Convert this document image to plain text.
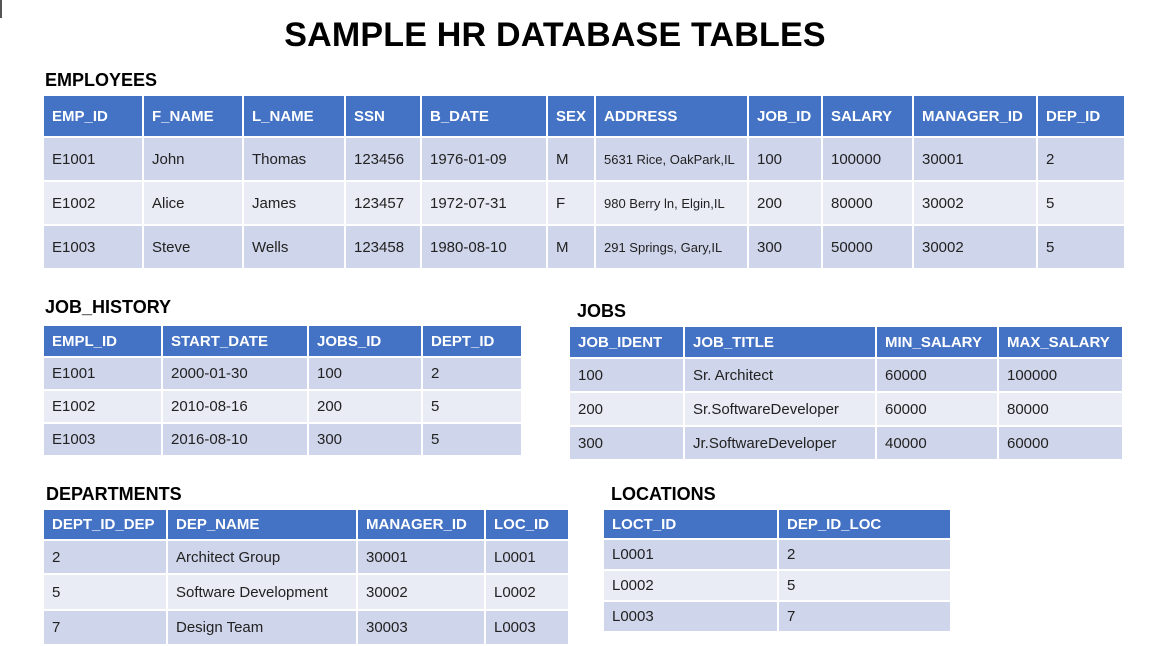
SAMPLE HR DATABASE TABLES
EMPLOYEES
EMP_ID	F_NAME	L_NAME	SSN	B_DATE	SEX	ADDRESS	JOB_ID	SALARY	MANAGER_ID	DEP_ID
E1001	John	Thomas	123456	1976-01-09	M	5631 Rice, OakPark,IL	100	100000	30001	2
E1002	Alice	James	123457	1972-07-31	F	980 Berry ln, Elgin,IL	200	80000	30002	5
E1003	Steve	Wells	123458	1980-08-10	M	291 Springs, Gary,IL	300	50000	30002	5
JOB_HISTORY
EMPL_ID	START_DATE	JOBS_ID	DEPT_ID
E1001	2000-01-30	100	2
E1002	2010-08-16	200	5
E1003	2016-08-10	300	5
JOBS
JOB_IDENT	JOB_TITLE	MIN_SALARY	MAX_SALARY
100	Sr. Architect	60000	100000
200	Sr.SoftwareDeveloper	60000	80000
300	Jr.SoftwareDeveloper	40000	60000
DEPARTMENTS
DEPT_ID_DEP	DEP_NAME	MANAGER_ID	LOC_ID
2	Architect Group	30001	L0001
5	Software Development	30002	L0002
7	Design Team	30003	L0003
LOCATIONS
LOCT_ID	DEP_ID_LOC
L0001	2
L0002	5
L0003	7
